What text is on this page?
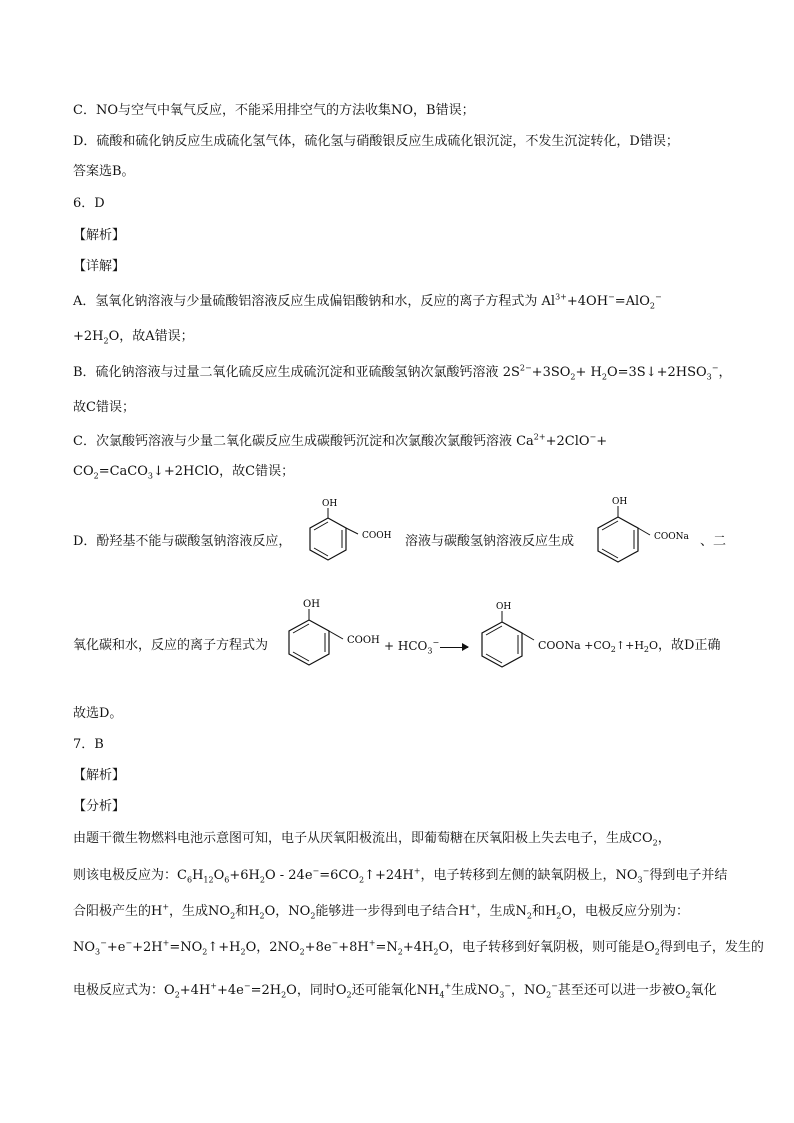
C．NO与空气中氧气反应，不能采用排空气的方法收集NO，B错误；
D．硫酸和硫化钠反应生成硫化氢气体，硫化氢与硝酸银反应生成硫化银沉淀，不发生沉淀转化，D错误；
答案选B。
6．D
【解析】
【详解】
A．氢氧化钠溶液与少量硫酸铝溶液反应生成偏铝酸钠和水，反应的离子方程式为 $Al^{3+}+4OH^-=AlO_2^-$
$+2H_2O$，故A错误；
B．硫化钠溶液与过量二氧化硫反应生成硫沉淀和亚硫酸氢钠次氯酸钙溶液 $2S^{2-}+3SO_2+$ $H_2O=3S↓+2HSO_3^-$，
故C错误；
C．次氯酸钙溶液与少量二氧化碳反应生成碳酸钙沉淀和次氯酸次氯酸钙溶液 $Ca^{2+}+2ClO^-+$
$CO_2=CaCO_3↓+2HClO$，故C错误；
D．酚羟基不能与碳酸氢钠溶液反应，
OH
COOH 溶液与碳酸氢钠溶液反应生成
OH
COONa 、二
氧化碳和水，反应的离子方程式为
OH
COOH + $HCO_3^-$
OH
COONa $+CO_2↑+H_2O$，故D正确
故选D。
7．B
【解析】
【分析】
由题干微生物燃料电池示意图可知，电子从厌氧阳极流出，即葡萄糖在厌氧阳极上失去电子，生成$CO_2$，
则该电极反应为：$C_6H_{12}O_6+6H_2O$ - $24e^-=6CO_2↑+24H^+$，电子转移到左侧的缺氧阴极上，$NO_3^-$得到电子并结
合阳极产生的H+，生成$NO_2$和$H_2O$，$NO_2$能够进一步得到电子结合H+，生成$N_2$和$H_2O$，电极反应分别为：
$NO_3^-+e^-+2H^+=NO_2↑+H_2O$，$2NO_2+8e^-+8H^+=N_2+4H_2O$，电子转移到好氧阴极，则可能是$O_2$得到电子，发生的
电极反应式为：$O_2+4H^++4e^-=2H_2O$，同时$O_2$还可能氧化$NH_4^+$生成$NO_3^-$，$NO_2^-$甚至还可以进一步被$O_2$氧化
